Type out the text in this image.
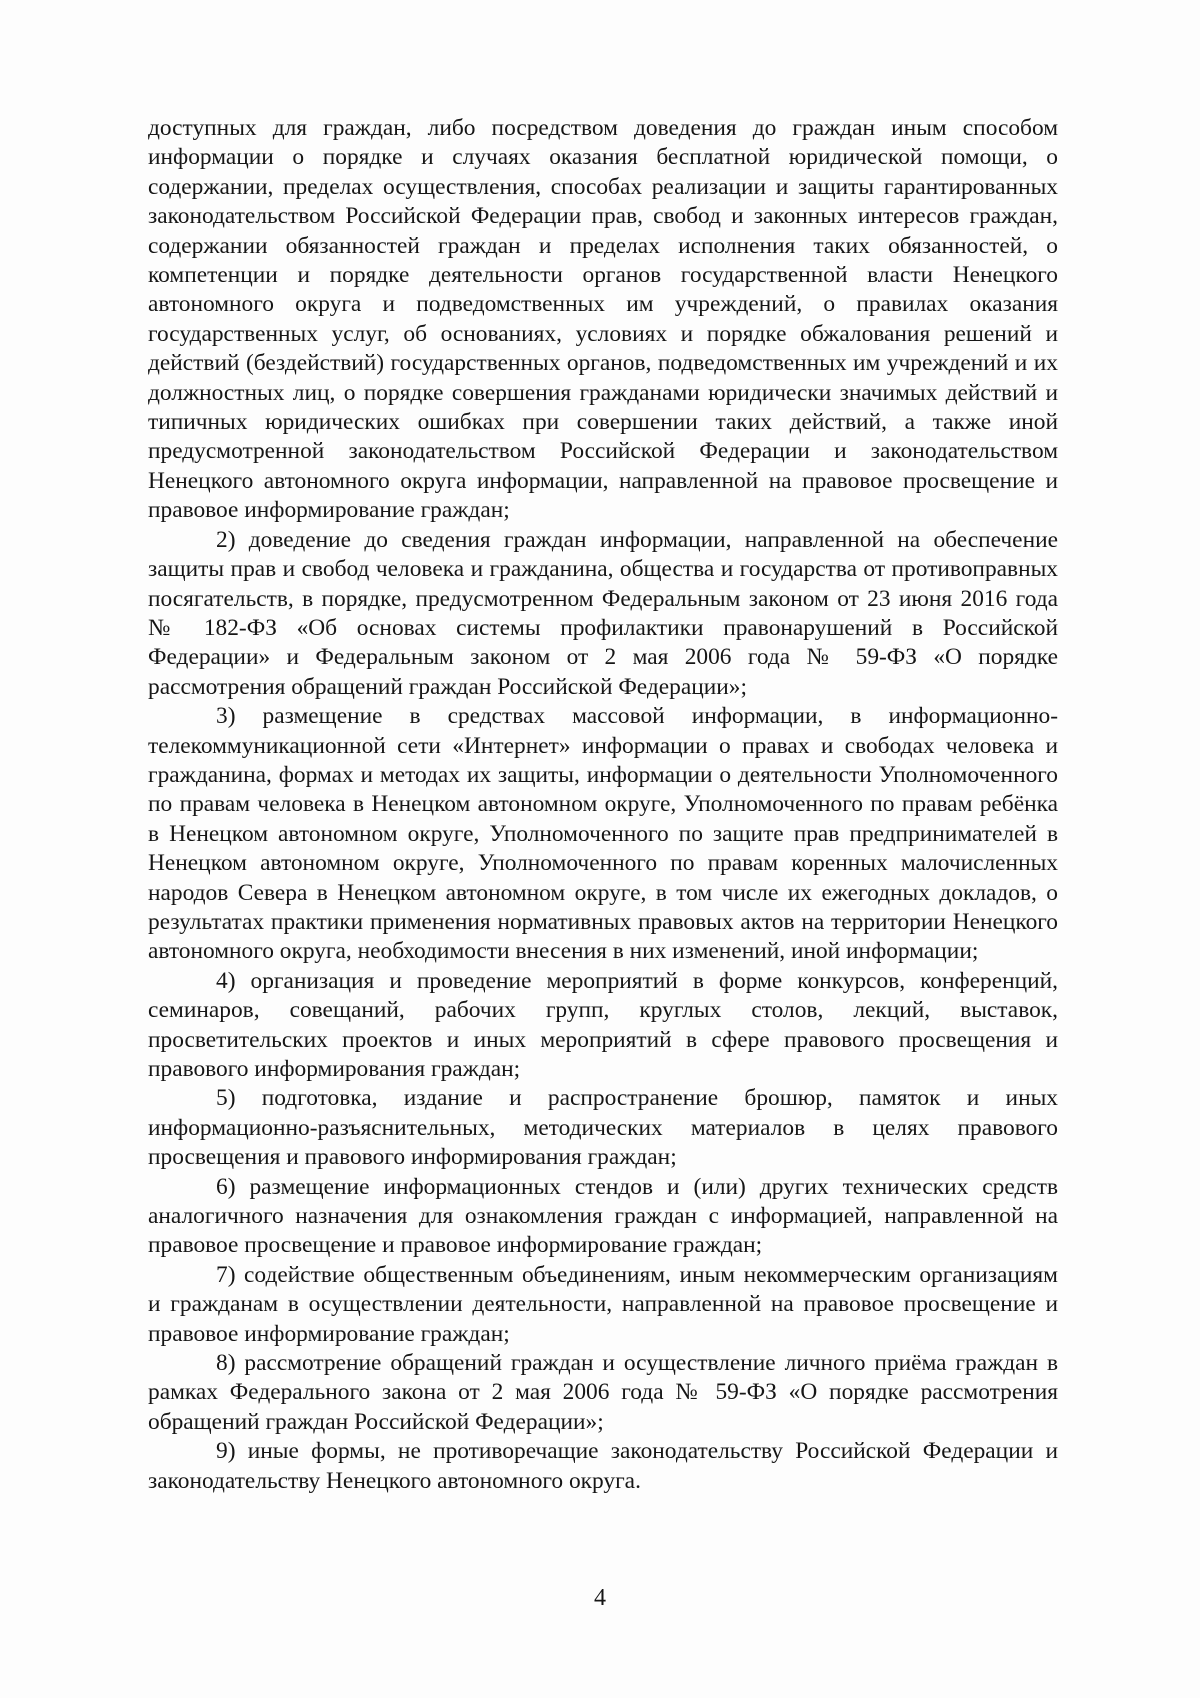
доступных для граждан, либо посредством доведения до граждан иным способом информации о порядке и случаях оказания бесплатной юридической помощи, о содержании, пределах осуществления, способах реализации и защиты гарантированных законодательством Российской Федерации прав, свобод и законных интересов граждан, содержании обязанностей граждан и пределах исполнения таких обязанностей, о компетенции и порядке деятельности органов государственной власти Ненецкого автономного округа и подведомственных им учреждений, о правилах оказания государственных услуг, об основаниях, условиях и порядке обжалования решений и действий (бездействий) государственных органов, подведомственных им учреждений и их должностных лиц, о порядке совершения гражданами юридически значимых действий и типичных юридических ошибках при совершении таких действий, а также иной предусмотренной законодательством Российской Федерации и законодательством Ненецкого автономного округа информации, направленной на правовое просвещение и правовое информирование граждан;

2) доведение до сведения граждан информации, направленной на обеспечение защиты прав и свобод человека и гражданина, общества и государства от противоправных посягательств, в порядке, предусмотренном Федеральным законом от 23 июня 2016 года № 182-ФЗ «Об основах системы профилактики правонарушений в Российской Федерации» и Федеральным законом от 2 мая 2006 года № 59-ФЗ «О порядке рассмотрения обращений граждан Российской Федерации»;

3) размещение в средствах массовой информации, в информационно-телекоммуникационной сети «Интернет» информации о правах и свободах человека и гражданина, формах и методах их защиты, информации о деятельности Уполномоченного по правам человека в Ненецком автономном округе, Уполномоченного по правам ребёнка в Ненецком автономном округе, Уполномоченного по защите прав предпринимателей в Ненецком автономном округе, Уполномоченного по правам коренных малочисленных народов Севера в Ненецком автономном округе, в том числе их ежегодных докладов, о результатах практики применения нормативных правовых актов на территории Ненецкого автономного округа, необходимости внесения в них изменений, иной информации;

4) организация и проведение мероприятий в форме конкурсов, конференций, семинаров, совещаний, рабочих групп, круглых столов, лекций, выставок, просветительских проектов и иных мероприятий в сфере правового просвещения и правового информирования граждан;

5) подготовка, издание и распространение брошюр, памяток и иных информационно-разъяснительных, методических материалов в целях правового просвещения и правового информирования граждан;

6) размещение информационных стендов и (или) других технических средств аналогичного назначения для ознакомления граждан с информацией, направленной на правовое просвещение и правовое информирование граждан;

7) содействие общественным объединениям, иным некоммерческим организациям и гражданам в осуществлении деятельности, направленной на правовое просвещение и правовое информирование граждан;

8) рассмотрение обращений граждан и осуществление личного приёма граждан в рамках Федерального закона от 2 мая 2006 года № 59-ФЗ «О порядке рассмотрения обращений граждан Российской Федерации»;

9) иные формы, не противоречащие законодательству Российской Федерации и законодательству Ненецкого автономного округа.

4
